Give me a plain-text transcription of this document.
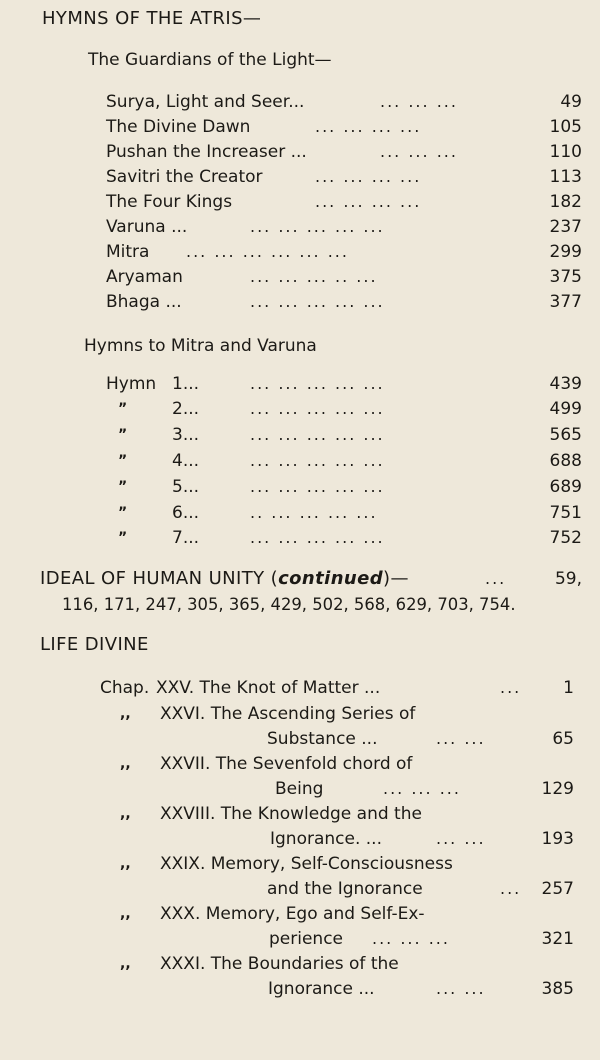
HYMNS OF THE ATRIS—
The Guardians of the Light—
Surya, Light and Seer...	... ... ...	49
The Divine Dawn	... ... ... ...	105
Pushan the Increaser ...	... ... ...	110
Savitri the Creator	... ... ... ...	113
The Four Kings	... ... ... ...	182
Varuna ...	... ... ... ... ...	237
Mitra ... ... ... ... ... ...	299
Aryaman	... ... ... .. ...	375
Bhaga ...	... ... ... ... ...	377
Hymns to Mitra and Varuna
Hymn 1...	... ... ... ... ...	439
”	2...	... ... ... ... ...	499
”	3...	... ... ... ... ...	565
”	4...	... ... ... ... ...	688
”	5...	... ... ... ... ...	689
”	6...	.. ... ... ... ...	751
”	7...	... ... ... ... ...	752
IDEAL OF HUMAN UNITY (continued)—	...	59,
116, 171, 247, 305, 365, 429, 502, 568, 629, 703, 754.
LIFE DIVINE
Chap. XXV. The Knot of Matter ...	...	1
,, XXVI. The Ascending Series of
Substance ...	... ...	65
,, XXVII. The Sevenfold chord of
Being	... ... ...	129
,, XXVIII. The Knowledge and the
Ignorance. ...	... ...	193
,, XXIX. Memory, Self-Consciousness
and the Ignorance	...	257
,, XXX. Memory, Ego and Self-Ex-
perience ... ... ...	321
,, XXXI. The Boundaries of the
Ignorance ...	... ...	385
